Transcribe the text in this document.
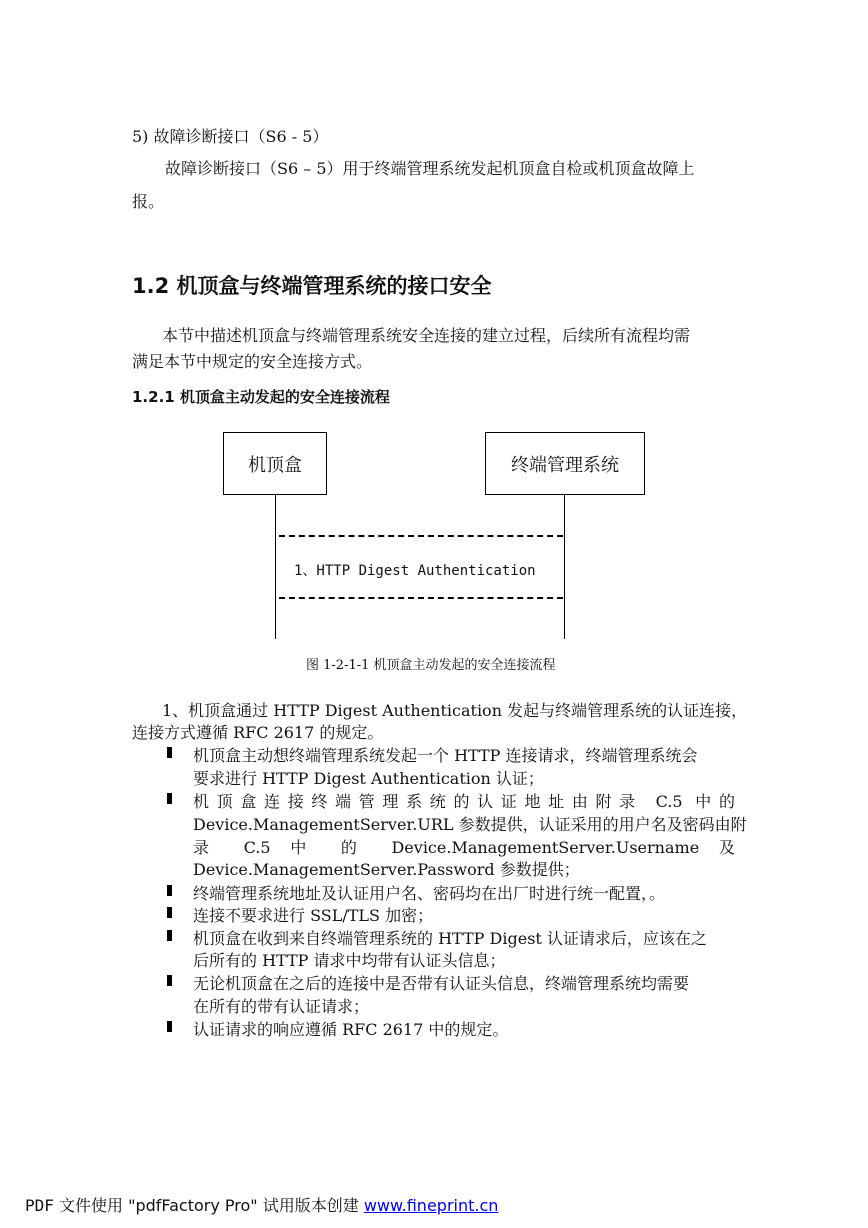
5) 故障诊断接口（S6 - 5）
故障诊断接口（S6 – 5）用于终端管理系统发起机顶盒自检或机顶盒故障上
报。
1.2 机顶盒与终端管理系统的接口安全
本节中描述机顶盒与终端管理系统安全连接的建立过程，后续所有流程均需
满足本节中规定的安全连接方式。
1.2.1 机顶盒主动发起的安全连接流程
机顶盒	终端管理系统
1、HTTP Digest Authentication
图 1-2-1-1 机顶盒主动发起的安全连接流程
1、机顶盒通过 HTTP Digest Authentication 发起与终端管理系统的认证连接，
连接方式遵循 RFC 2617 的规定。
机顶盒主动想终端管理系统发起一个 HTTP 连接请求，终端管理系统会
要求进行 HTTP Digest Authentication 认证；
机顶盒连接终端管理系统的认证地址由附录 C.5 中的
Device.ManagementServer.URL 参数提供，认证采用的用户名及密码由附
录 C.5 中 的 Device.ManagementServer.Username 及
Device.ManagementServer.Password 参数提供；
终端管理系统地址及认证用户名、密码均在出厂时进行统一配置，。
连接不要求进行 SSL/TLS 加密；
机顶盒在收到来自终端管理系统的 HTTP Digest 认证请求后，应该在之
后所有的 HTTP 请求中均带有认证头信息；
无论机顶盒在之后的连接中是否带有认证头信息，终端管理系统均需要
在所有的带有认证请求；
认证请求的响应遵循 RFC 2617 中的规定。
PDF 文件使用 "pdfFactory Pro" 试用版本创建 www.fineprint.cn
